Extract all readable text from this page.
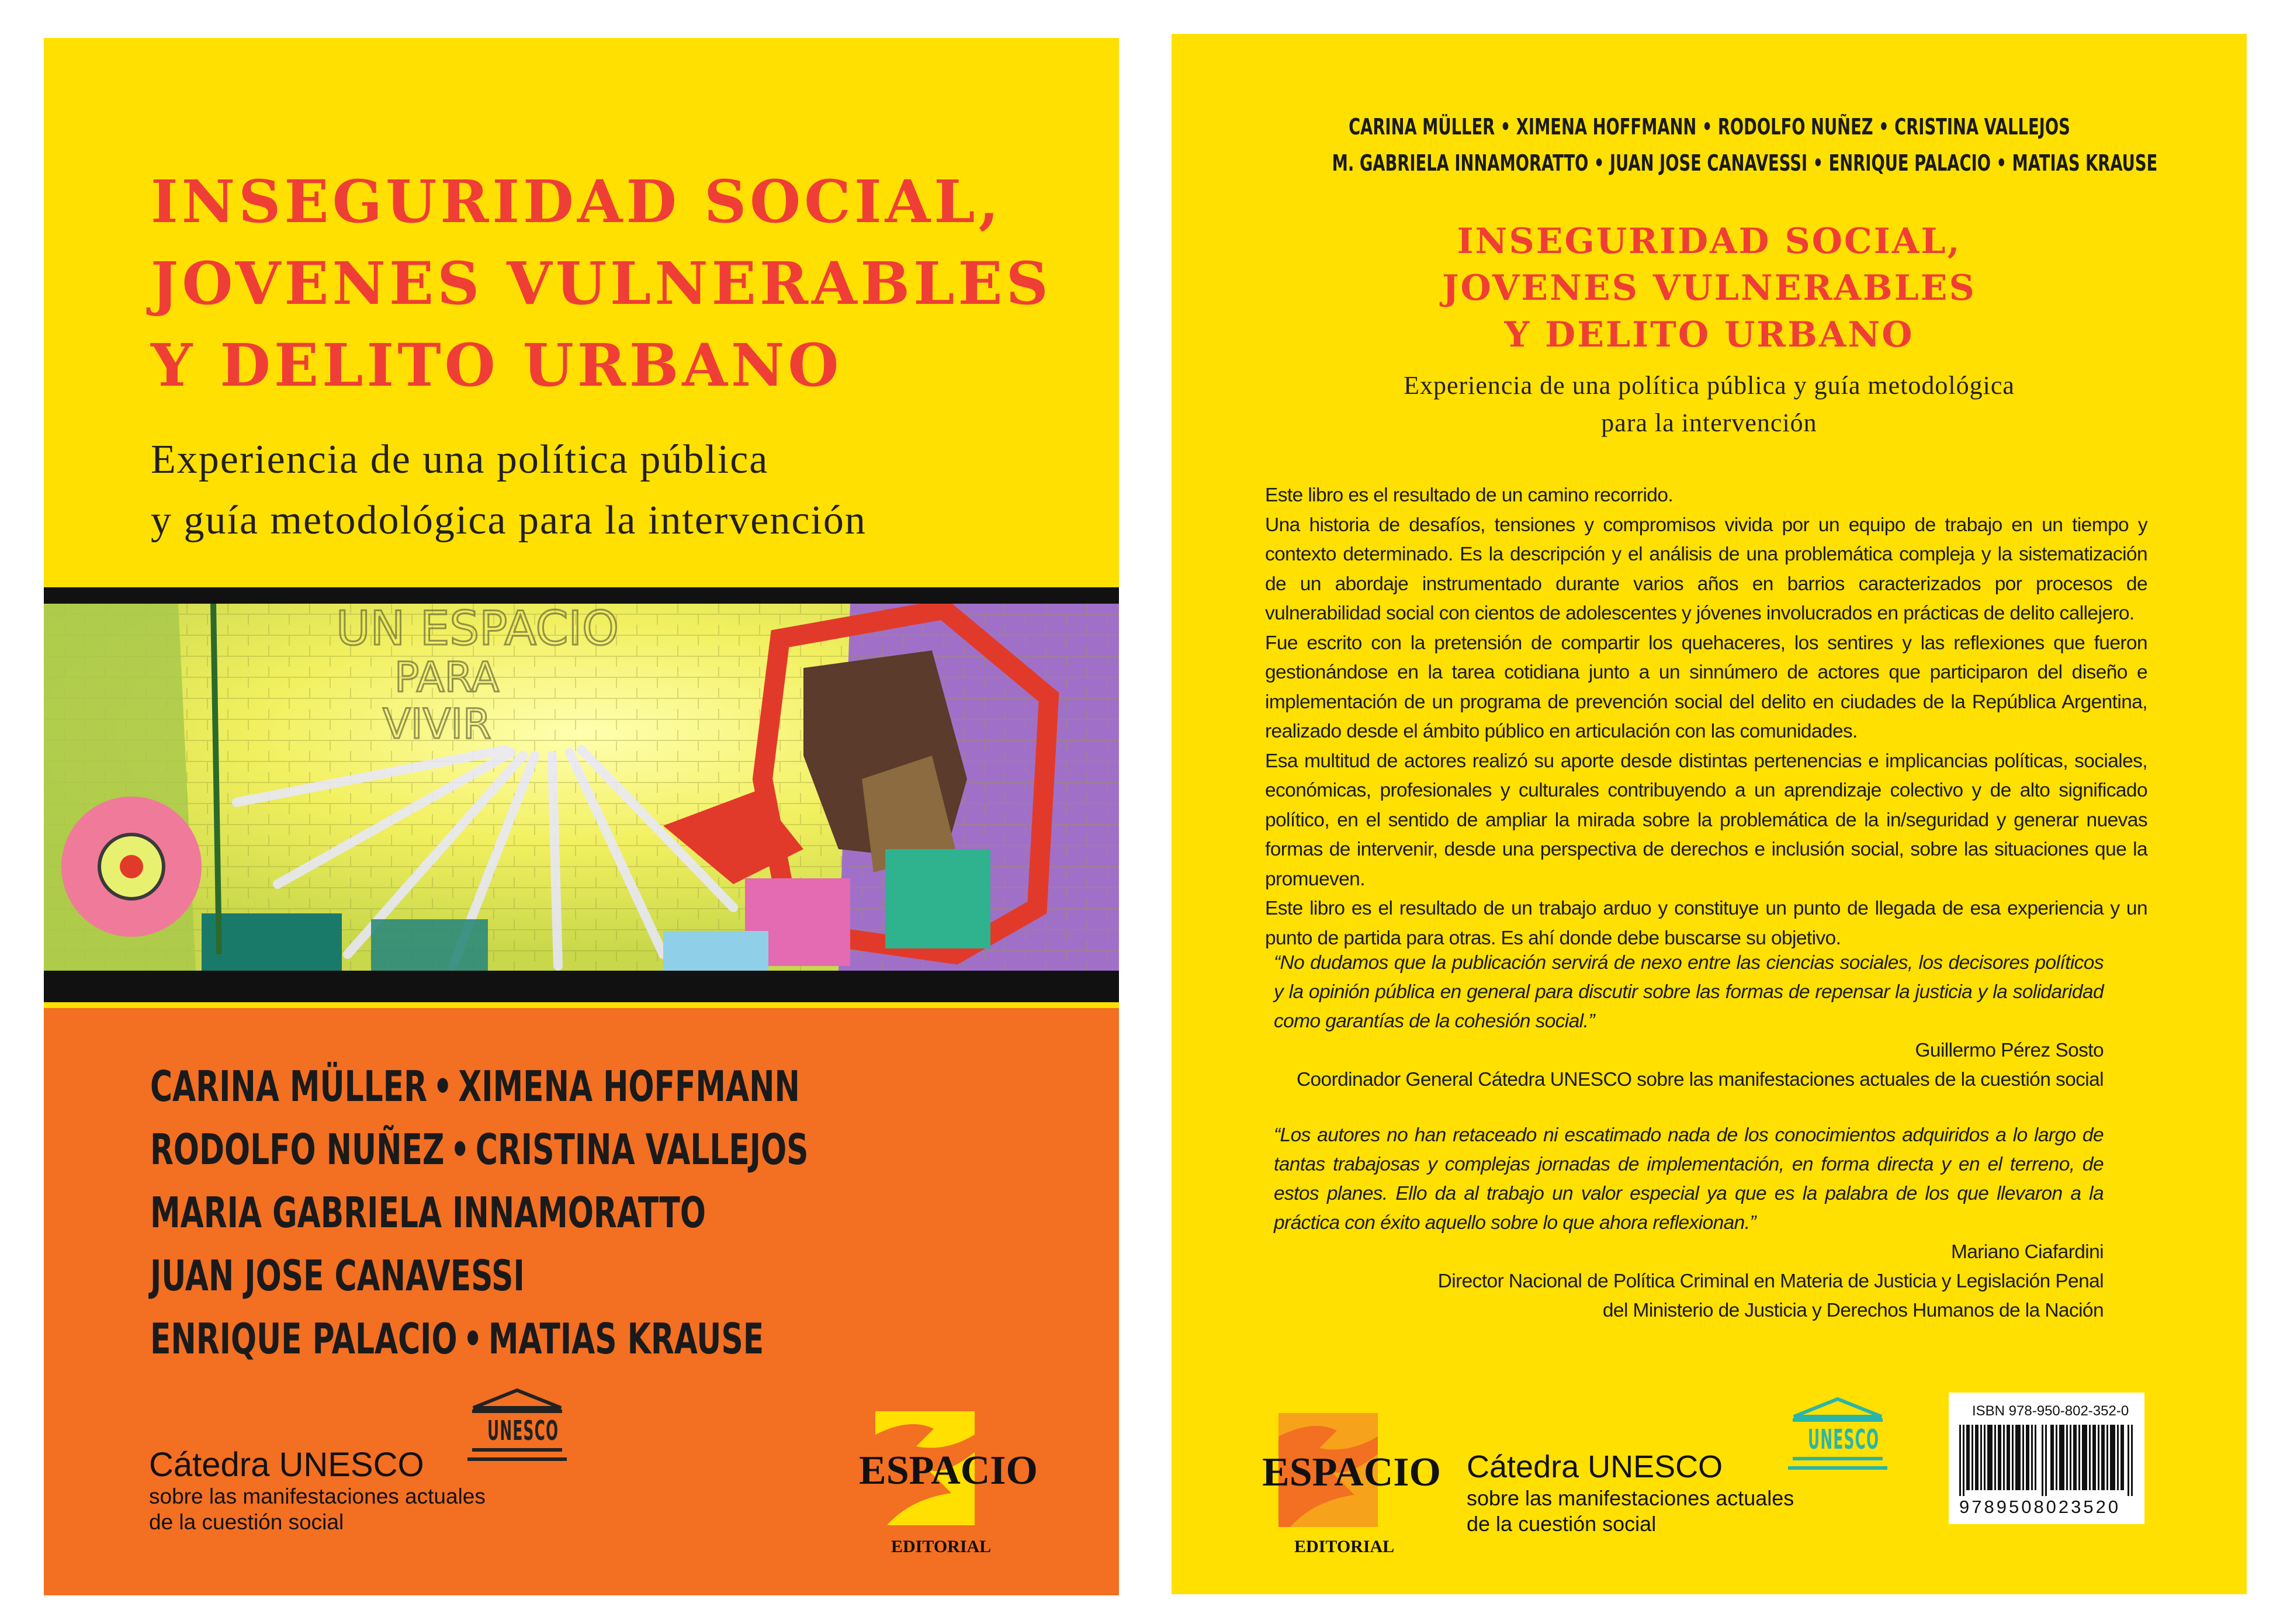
INSEGURIDAD SOCIAL,
JOVENES VULNERABLES
Y DELITO URBANO
Experiencia de una política pública
y guía metodológica para la intervención
UN ESPACIO
PARA
VIVIR
CARINA MÜLLER • XIMENA HOFFMANN
RODOLFO NUÑEZ • CRISTINA VALLEJOS
MARIA GABRIELA INNAMORATTO
JUAN JOSE CANAVESSI
ENRIQUE PALACIO • MATIAS KRAUSE
Cátedra UNESCO
sobre las manifestaciones actuales
de la cuestión social
UNESCO
ESPACIO
EDITORIAL
CARINA MÜLLER • XIMENA HOFFMANN • RODOLFO NUÑEZ • CRISTINA VALLEJOS
M. GABRIELA INNAMORATTO • JUAN JOSE CANAVESSI • ENRIQUE PALACIO • MATIAS KRAUSE
INSEGURIDAD SOCIAL,
JOVENES VULNERABLES
Y DELITO URBANO
Experiencia de una política pública y guía metodológica
para la intervención

Este libro es el resultado de un camino recorrido.

Una historia de desafíos, tensiones y compromisos vivida por un equipo de trabajo en un tiempo y contexto determinado. Es la descripción y el análisis de una problemática compleja y la sistematización de un abordaje instrumentado durante varios años en barrios caracterizados por procesos de vulnerabilidad social con cientos de adolescentes y jóvenes involucrados en prácticas de delito callejero.

Fue escrito con la pretensión de compartir los quehaceres, los sentires y las reflexiones que fueron gestionándose en la tarea cotidiana junto a un sinnúmero de actores que participaron del diseño e implementación de un programa de prevención social del delito en ciudades de la República Argentina, realizado desde el ámbito público en articulación con las comunidades.

Esa multitud de actores realizó su aporte desde distintas pertenencias e implicancias políticas, sociales, económicas, profesionales y culturales contribuyendo a un aprendizaje colectivo y de alto significado político, en el sentido de ampliar la mirada sobre la problemática de la in/seguridad y generar nuevas formas de intervenir, desde una perspectiva de derechos e inclusión social, sobre las situaciones que la promueven.

Este libro es el resultado de un trabajo arduo y constituye un punto de llegada de esa experiencia y un punto de partida para otras. Es ahí donde debe buscarse su objetivo.

“No dudamos que la publicación servirá de nexo entre las ciencias sociales, los decisores políticos y la opinión pública en general para discutir sobre las formas de repensar la justicia y la solidaridad como garantías de la cohesión social.”
Guillermo Pérez Sosto
Coordinador General Cátedra UNESCO sobre las manifestaciones actuales de la cuestión social
“Los autores no han retaceado ni escatimado nada de los conocimientos adquiridos a lo largo de tantas trabajosas y complejas jornadas de implementación, en forma directa y en el terreno, de estos planes. Ello da al trabajo un valor especial ya que es la palabra de los que llevaron a la práctica con éxito aquello sobre lo que ahora reflexionan.”
Mariano Ciafardini
Director Nacional de Política Criminal en Materia de Justicia y Legislación Penal
del Ministerio de Justicia y Derechos Humanos de la Nación
ESPACIO
EDITORIAL
Cátedra UNESCO
sobre las manifestaciones actuales
de la cuestión social
UNESCO
ISBN 978-950-802-352-0
9789508023520
